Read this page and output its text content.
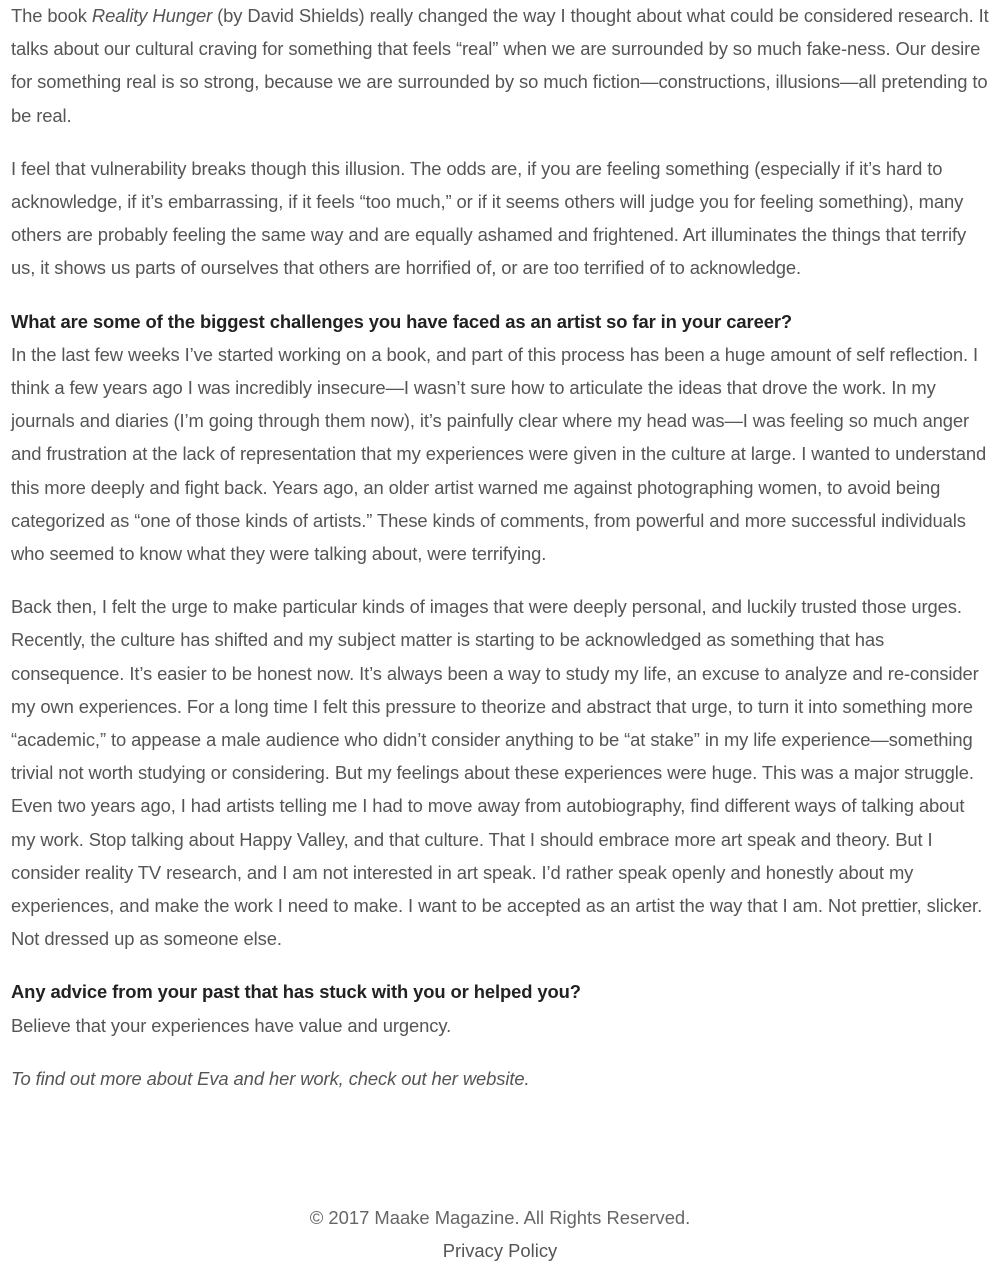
The book Reality Hunger (by David Shields) really changed the way I thought about what could be considered research. It talks about our cultural craving for something that feels “real” when we are surrounded by so much fake-ness. Our desire for something real is so strong, because we are surrounded by so much fiction—constructions, illusions—all pretending to be real.

I feel that vulnerability breaks though this illusion. The odds are, if you are feeling something (especially if it’s hard to acknowledge, if it’s embarrassing, if it feels “too much,” or if it seems others will judge you for feeling something), many others are probably feeling the same way and are equally ashamed and frightened. Art illuminates the things that terrify us, it shows us parts of ourselves that others are horrified of, or are too terrified of to acknowledge.

What are some of the biggest challenges you have faced as an artist so far in your career?

In the last few weeks I’ve started working on a book, and part of this process has been a huge amount of self reflection. I think a few years ago I was incredibly insecure—I wasn’t sure how to articulate the ideas that drove the work. In my journals and diaries (I’m going through them now), it’s painfully clear where my head was—I was feeling so much anger and frustration at the lack of representation that my experiences were given in the culture at large. I wanted to understand this more deeply and fight back. Years ago, an older artist warned me against photographing women, to avoid being categorized as “one of those kinds of artists.” These kinds of comments, from powerful and more successful individuals who seemed to know what they were talking about, were terrifying.

Back then, I felt the urge to make particular kinds of images that were deeply personal, and luckily trusted those urges. Recently, the culture has shifted and my subject matter is starting to be acknowledged as something that has consequence. It’s easier to be honest now. It’s always been a way to study my life, an excuse to analyze and re-consider my own experiences. For a long time I felt this pressure to theorize and abstract that urge, to turn it into something more “academic,” to appease a male audience who didn’t consider anything to be “at stake” in my life experience—something trivial not worth studying or considering. But my feelings about these experiences were huge. This was a major struggle. Even two years ago, I had artists telling me I had to move away from autobiography, find different ways of talking about my work. Stop talking about Happy Valley, and that culture. That I should embrace more art speak and theory. But I consider reality TV research, and I am not interested in art speak. I’d rather speak openly and honestly about my experiences, and make the work I need to make. I want to be accepted as an artist the way that I am. Not prettier, slicker. Not dressed up as someone else.

Any advice from your past that has stuck with you or helped you?

Believe that your experiences have value and urgency.

To find out more about Eva and her work, check out her website.

© 2017 Maake Magazine. All Rights Reserved.
Privacy Policy
